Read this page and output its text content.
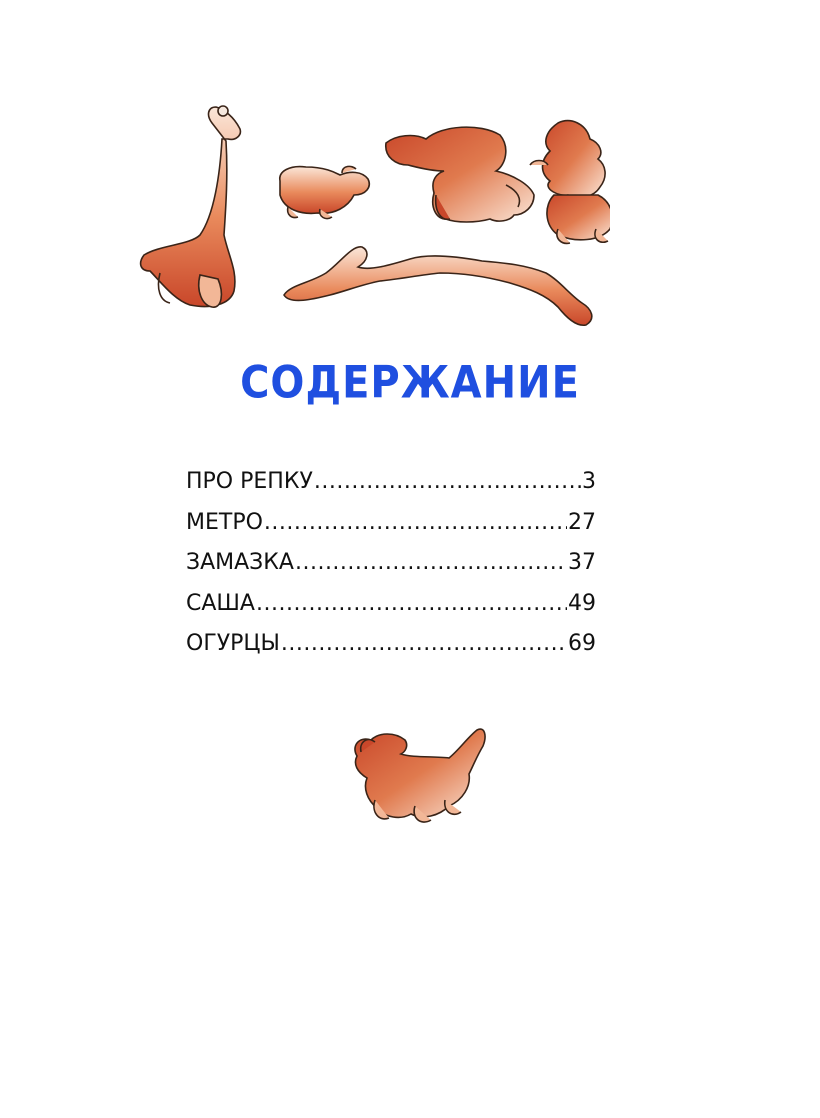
СОДЕРЖАНИЕ
ПРО РЕПКУ .....	3
МЕТРО .....	27
ЗАМАЗКА .....	37
САША .....	49
ОГУРЦЫ .....	69
